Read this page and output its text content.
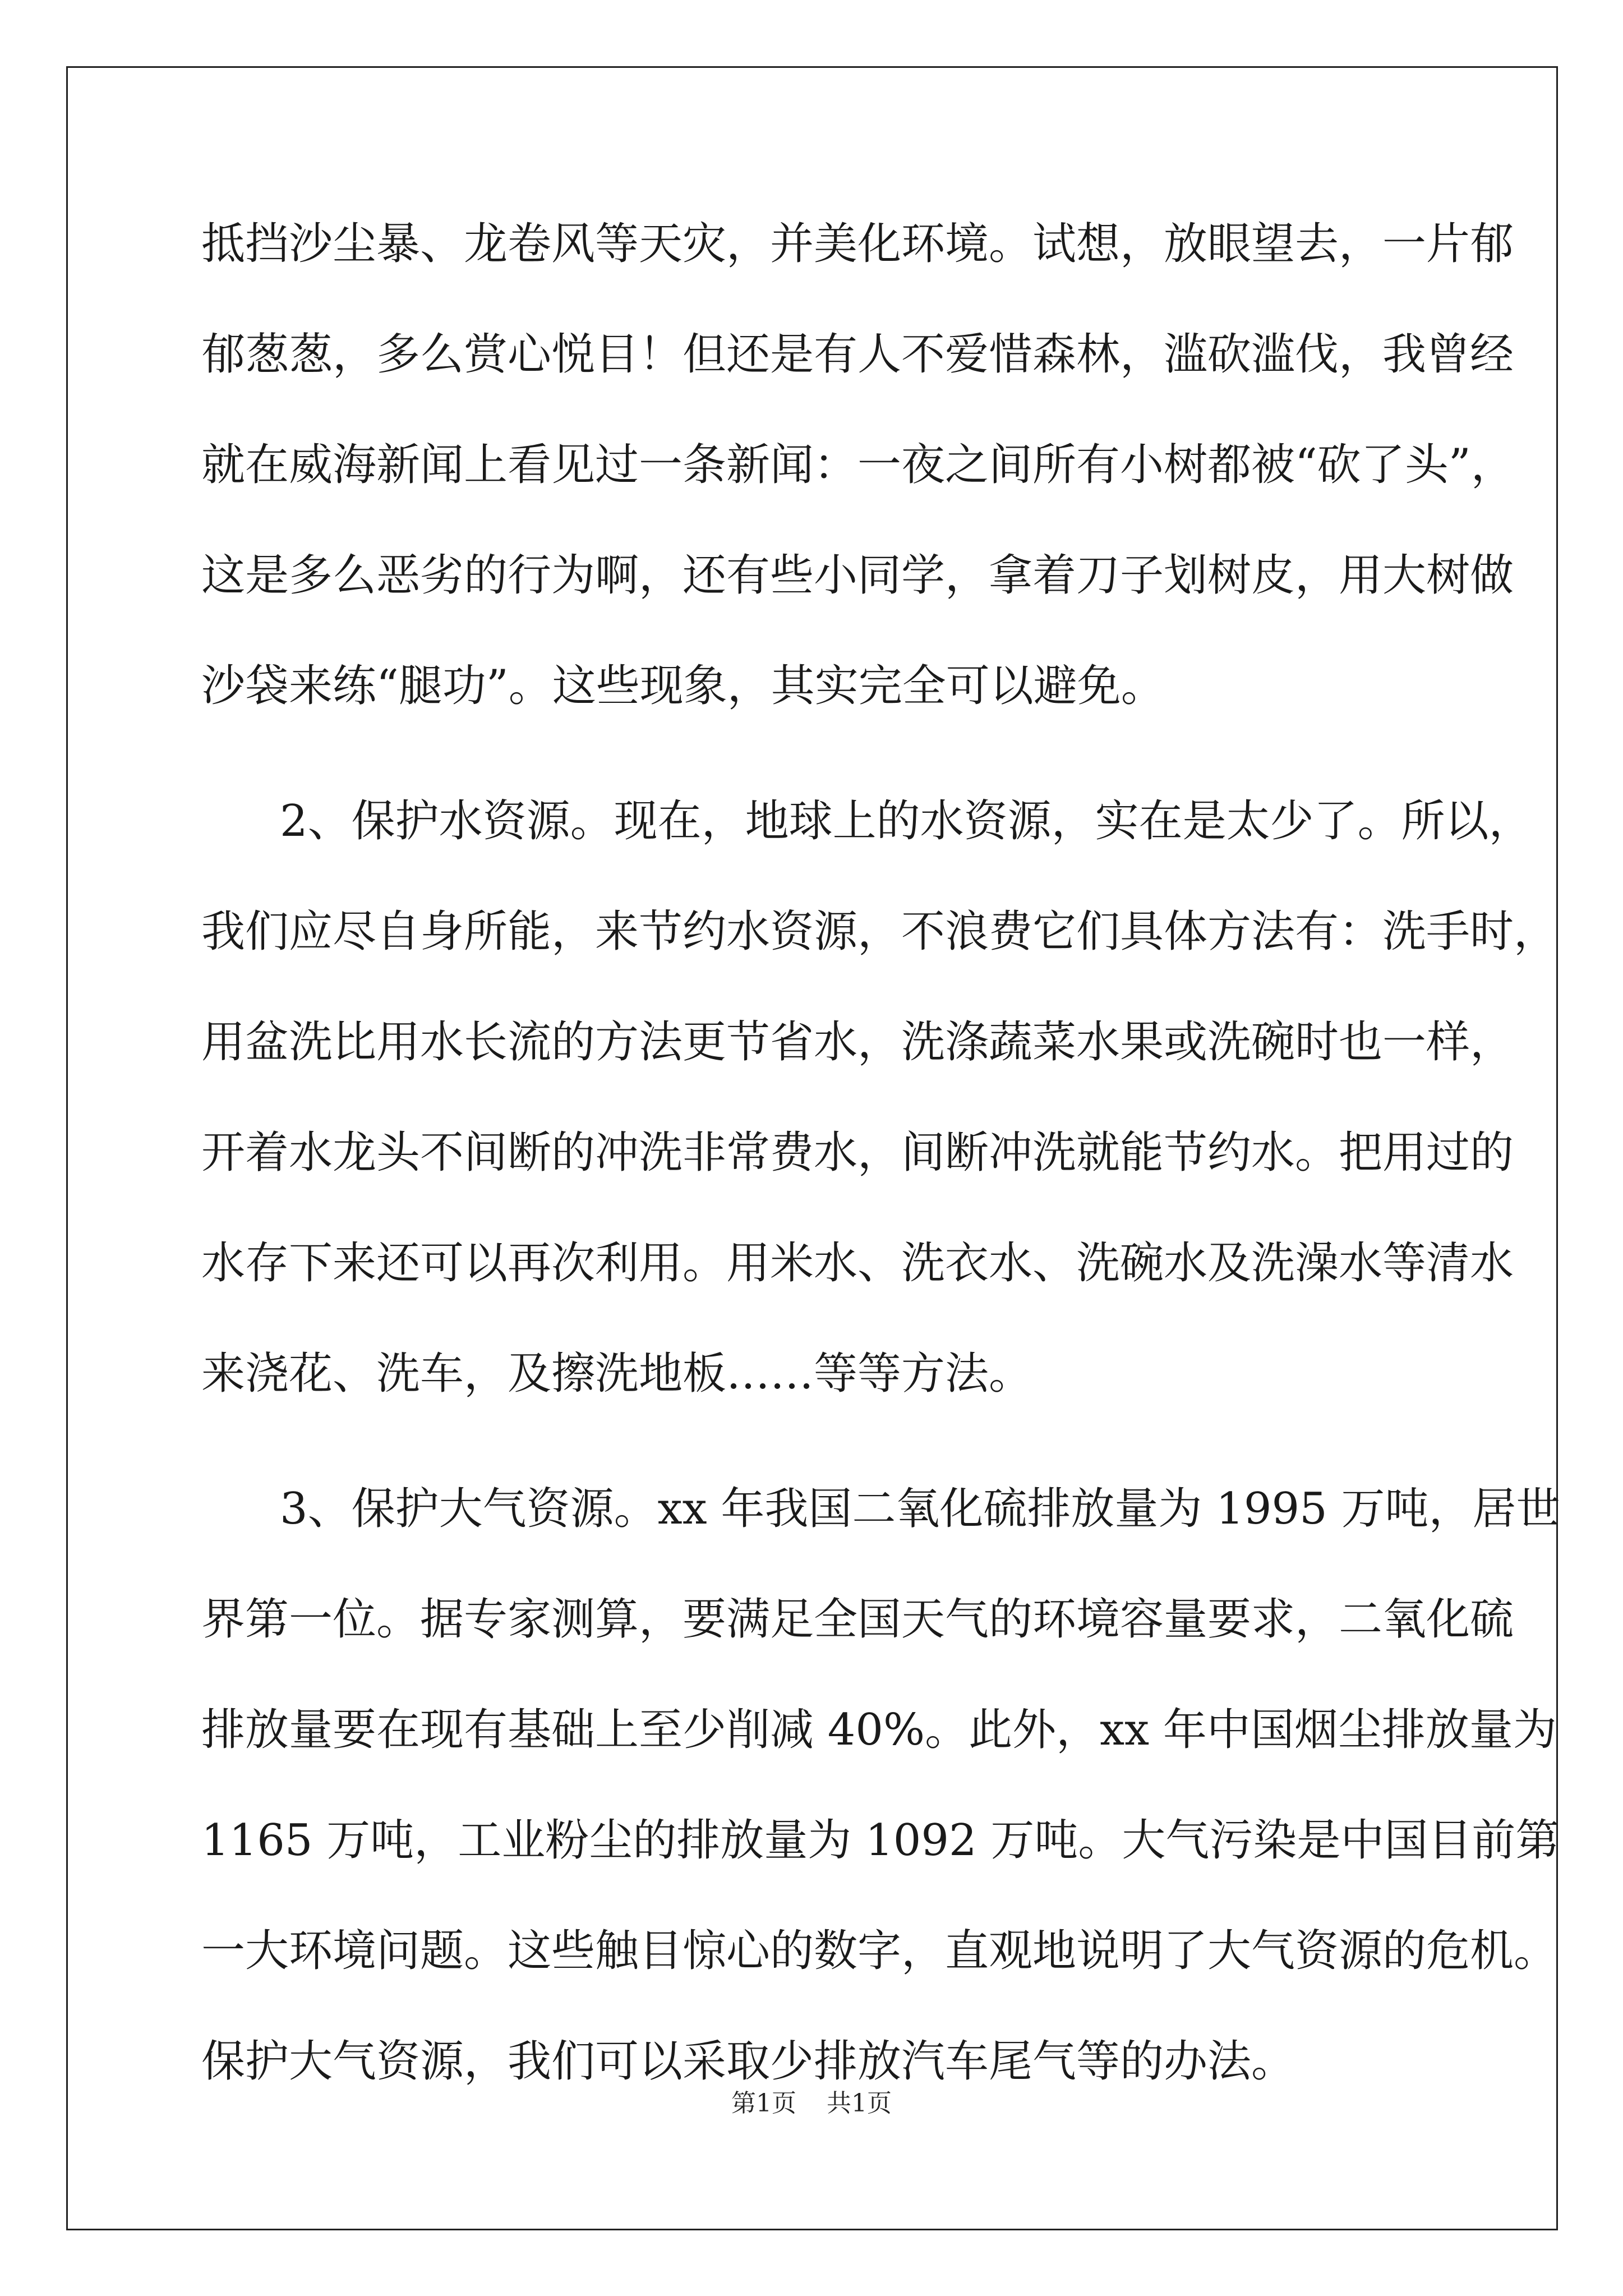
抵挡沙尘暴、龙卷风等天灾，并美化环境。试想，放眼望去，一片郁
郁葱葱，多么赏心悦目！但还是有人不爱惜森林，滥砍滥伐，我曾经
就在威海新闻上看见过一条新闻：一夜之间所有小树都被“砍了头”，
这是多么恶劣的行为啊，还有些小同学，拿着刀子划树皮，用大树做
沙袋来练“腿功”。这些现象，其实完全可以避免。
2、保护水资源。现在，地球上的水资源，实在是太少了。所以，
我们应尽自身所能，来节约水资源，不浪费它们具体方法有：洗手时，
用盆洗比用水长流的方法更节省水，洗涤蔬菜水果或洗碗时也一样，
开着水龙头不间断的冲洗非常费水，间断冲洗就能节约水。把用过的
水存下来还可以再次利用。用米水、洗衣水、洗碗水及洗澡水等清水
来浇花、洗车，及擦洗地板……等等方法。
3、保护大气资源。xx 年我国二氧化硫排放量为 1995 万吨，居世
界第一位。据专家测算，要满足全国天气的环境容量要求，二氧化硫
排放量要在现有基础上至少削减 40%。此外，xx 年中国烟尘排放量为
1165 万吨，工业粉尘的排放量为 1092 万吨。大气污染是中国目前第
一大环境问题。这些触目惊心的数字，直观地说明了大气资源的危机。
保护大气资源，我们可以采取少排放汽车尾气等的办法。
第1页 共1页
